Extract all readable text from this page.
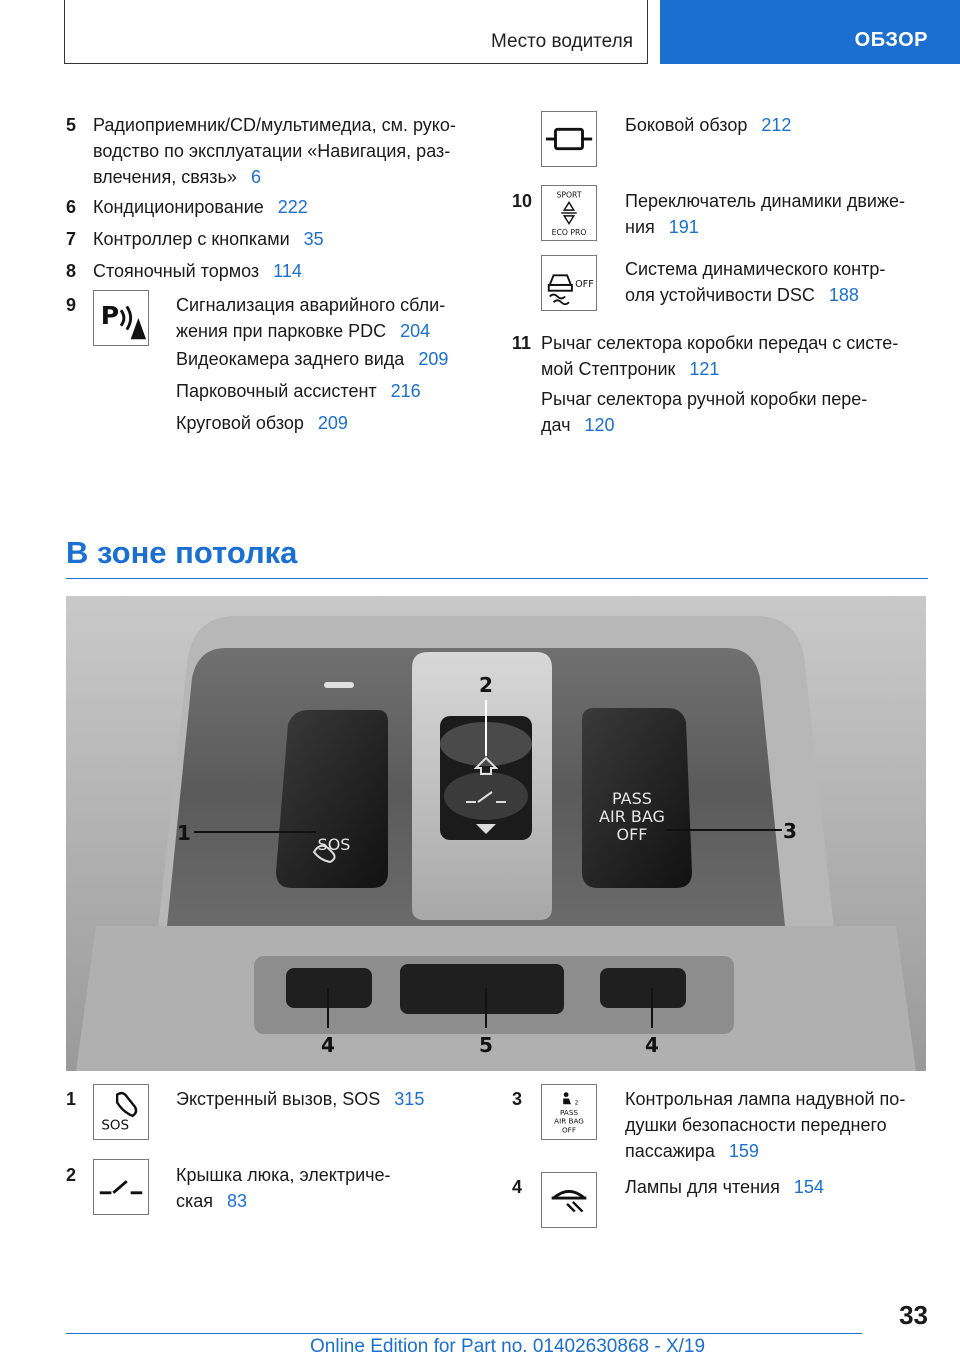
Место водителя	ОБЗОР
5 Радиоприемник/CD/мультимедиа, см. руко-
водство по эксплуатации «Навигация, раз-
влечения, связь» 6
6 Кондиционирование 222
7 Контроллер с кнопками 35
8 Стояночный тормоз 114
9 P	Сигнализация аварийного сбли-
жения при парковке PDC 204
Видеокамера заднего вида 209
Парковочный ассистент 216
Круговой обзор 209
Боковой обзор 212
10	SPORT
ECO PRO
Переключатель динамики движе-
ния 191
OFF
Система динамического контр-
оля устойчивости DSC 188
11 Рычаг селектора коробки передач с систе-
мой Стептроник 121
Рычаг селектора ручной коробки пере-
дач 120
В зоне потолка
SOS
PASS
AIR BAG
OFF
1
2
3
4	5	4
1
SOS
Экстренный вызов, SOS 315
2	Крышка люка, электриче-
ская 83
3	2
PASS
AIR BAG
OFF
Контрольная лампа надувной по-
душки безопасности переднего
пассажира 159
4	Лампы для чтения 154
33
Online Edition for Part no. 01402630868 - X/19
